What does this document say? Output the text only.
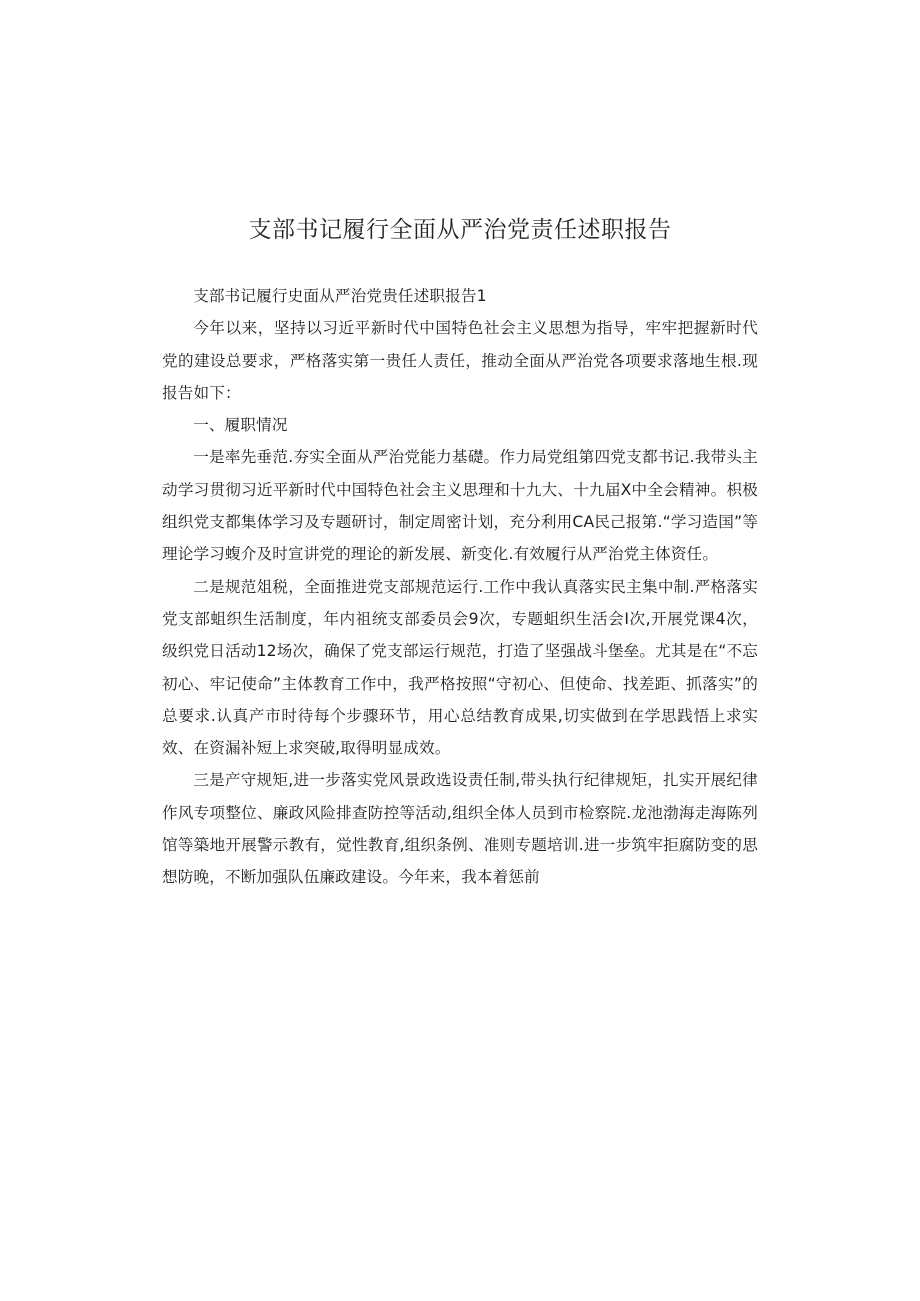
支部书记履行全面从严治党责任述职报告

支部书记履行史面从严治党贵任述职报告1

今年以来，坚持以习近平新时代中国特色社会主义思想为指导，牢牢把握新时代党的建设总要求，严格落实第一贵任人责任，推动全面从严治党各项要求落地生根.现报告如下：

一、履职情况

一是率先垂范.夯实全面从严治党能力基礎。作力局党组第四党支都书记.我带头主动学习贯彻习近平新时代中国特色社会主义思理和十九大、十九届X中全会精神。枳极组织党支都集体学习及专题研讨，制定周密计划，充分利用CA民己报第.“学习造国”等理论学习蝮介及时宣讲党的理论的新发展、新变化.有效履行从严治党主体资任。

二是规范俎税，全面推进党支部规范运行.工作中我认真落实民主集中制.严格落实党支部蛆织生活制度，年内祖统支部委员会9次，专题蛆织生活会I次,开展党课4次，级织党日活动12场次，确保了党支部运行规范，打造了坚强战斗堡垒。尤其是在“不忘初心、牢记使命”主体教育工作中，我严格按照“守初心、但使命、找差距、抓落实”的总要求.认真产市时待每个步骤环节，用心总结教育成果,切实做到在学思践悟上求实效、在资漏补短上求突破,取得明显成效。

三是产守规矩,进一步落实党风景政选设责任制,带头执行纪律规矩，扎实开展纪律作风专项整位、廉政风险排查防控等活动,组织全体人员到市检察院.龙池渤海走海陈列馆等築地开展警示教有，觉性教育,组织条例、准则专题培训.进一步筑牢拒腐防变的思想防晚，不断加强队伍廉政建设。今年来，我本着惩前
